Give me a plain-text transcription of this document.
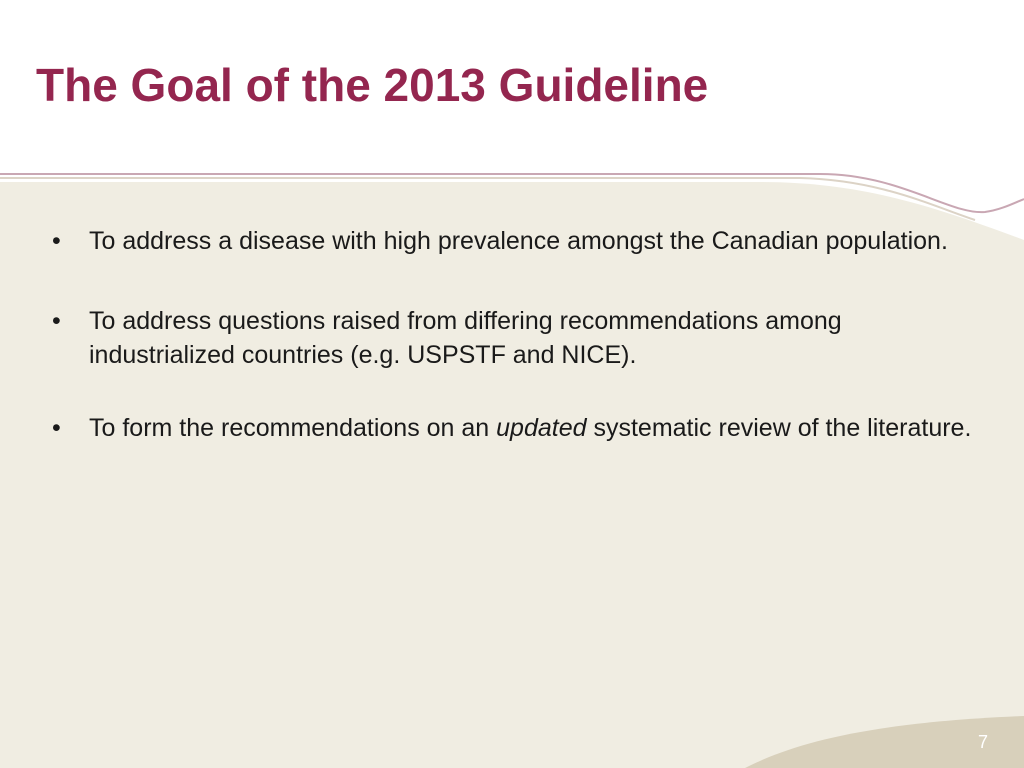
The Goal of the 2013 Guideline
• To address a disease with high prevalence amongst the Canadian population.
• To address questions raised from differing recommendations among industrialized countries (e.g. USPSTF and NICE).
• To form the recommendations on an updated systematic review of the literature.
7
